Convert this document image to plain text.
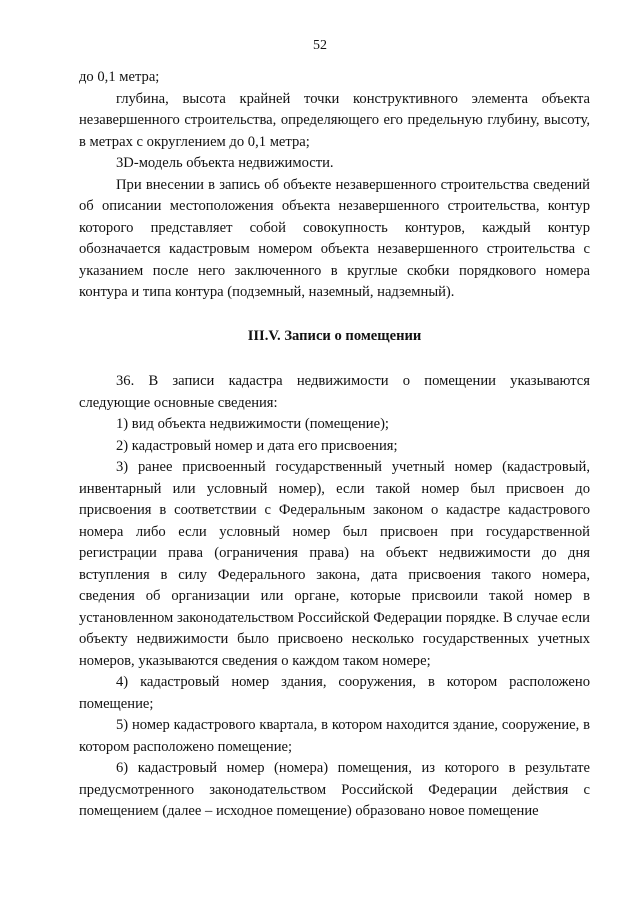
52

до 0,1 метра;

глубина, высота крайней точки конструктивного элемента объекта незавершенного строительства, определяющего его предельную глубину, высоту, в метрах с округлением до 0,1 метра;

3D-модель объекта недвижимости.

При внесении в запись об объекте незавершенного строительства сведений об описании местоположения объекта незавершенного строительства, контур которого представляет собой совокупность контуров, каждый контур обозначается кадастровым номером объекта незавершенного строительства с указанием после него заключенного в круглые скобки порядкового номера контура и типа контура (подземный, наземный, надземный).

III.V. Записи о помещении

36. В записи кадастра недвижимости о помещении указываются следующие основные сведения:

1) вид объекта недвижимости (помещение);

2) кадастровый номер и дата его присвоения;

3) ранее присвоенный государственный учетный номер (кадастровый, инвентарный или условный номер), если такой номер был присвоен до присвоения в соответствии с Федеральным законом о кадастре кадастрового номера либо если условный номер был присвоен при государственной регистрации права (ограничения права) на объект недвижимости до дня вступления в силу Федерального закона, дата присвоения такого номера, сведения об организации или органе, которые присвоили такой номер в установленном законодательством Российской Федерации порядке. В случае если объекту недвижимости было присвоено несколько государственных учетных номеров, указываются сведения о каждом таком номере;

4) кадастровый номер здания, сооружения, в котором расположено помещение;

5) номер кадастрового квартала, в котором находится здание, сооружение, в котором расположено помещение;

6) кадастровый номер (номера) помещения, из которого в результате предусмотренного законодательством Российской Федерации действия с помещением (далее – исходное помещение) образовано новое помещение
